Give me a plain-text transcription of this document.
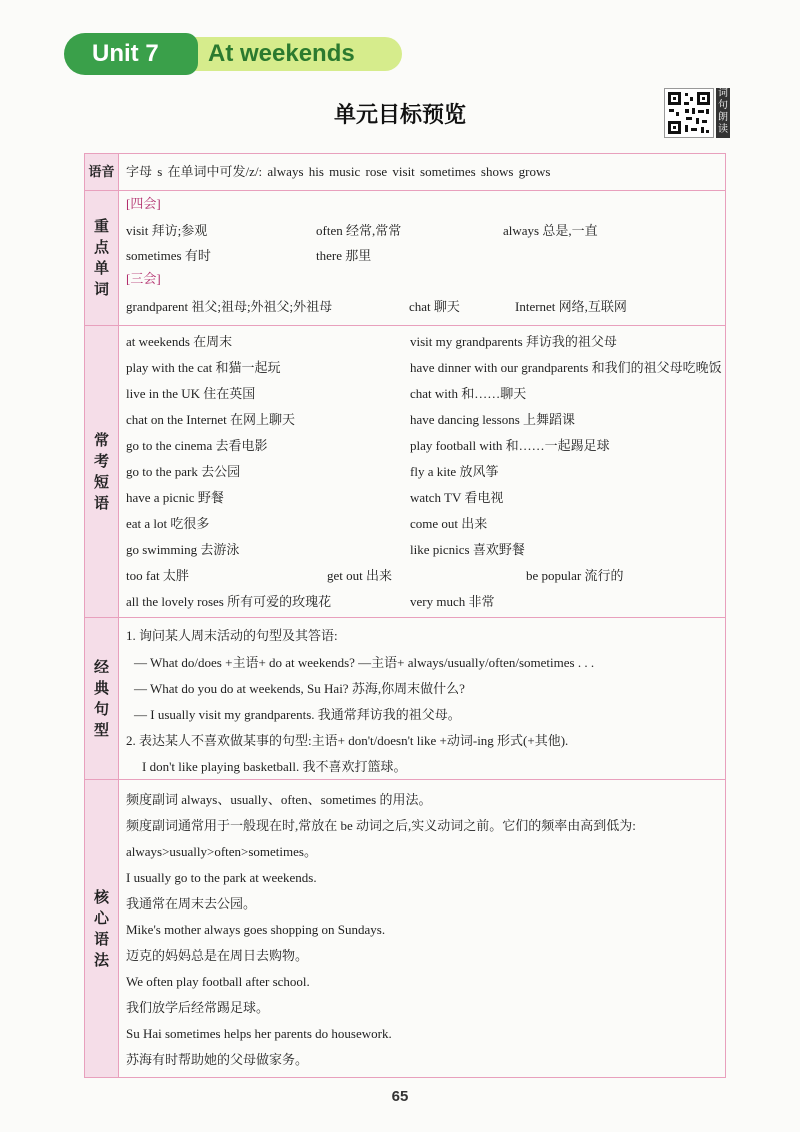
At weekends
Unit 7
单元目标预览
词句朗读
语音 字母 s 在单词中可发/z/: always his music rose visit sometimes shows grows
重
点
单
词
[四会]
visit 拜访;参观	often 经常,常常	always 总是,一直
sometimes 有时	there 那里
[三会]
grandparent 祖父;祖母;外祖父;外祖母	chat 聊天	Internet 网络,互联网
常
考
短
语
at weekends 在周末	visit my grandparents 拜访我的祖父母
play with the cat 和猫一起玩	have dinner with our grandparents 和我们的祖父母吃晚饭
live in the UK 住在英国	chat with 和……聊天
chat on the Internet 在网上聊天	have dancing lessons 上舞蹈课
go to the cinema 去看电影	play football with 和……一起踢足球
go to the park 去公园	fly a kite 放风筝
have a picnic 野餐	watch TV 看电视
eat a lot 吃很多	come out 出来
go swimming 去游泳	like picnics 喜欢野餐
too fat 太胖	get out 出来	be popular 流行的
all the lovely roses 所有可爱的玫瑰花	very much 非常
经
典
句
型
1. 询问某人周末活动的句型及其答语:
— What do/does +主语+ do at weekends? —主语+ always/usually/often/sometimes . . .
— What do you do at weekends, Su Hai? 苏海,你周末做什么?
— I usually visit my grandparents. 我通常拜访我的祖父母。
2. 表达某人不喜欢做某事的句型:主语+ don't/doesn't like +动词-ing 形式(+其他).
I don't like playing basketball. 我不喜欢打篮球。
核
心
语
法
频度副词 always、usually、often、sometimes 的用法。
频度副词通常用于一般现在时,常放在 be 动词之后,实义动词之前。它们的频率由高到低为:
always>usually>often>sometimes。
I usually go to the park at weekends.
我通常在周末去公园。
Mike's mother always goes shopping on Sundays.
迈克的妈妈总是在周日去购物。
We often play football after school.
我们放学后经常踢足球。
Su Hai sometimes helps her parents do housework.
苏海有时帮助她的父母做家务。
65
